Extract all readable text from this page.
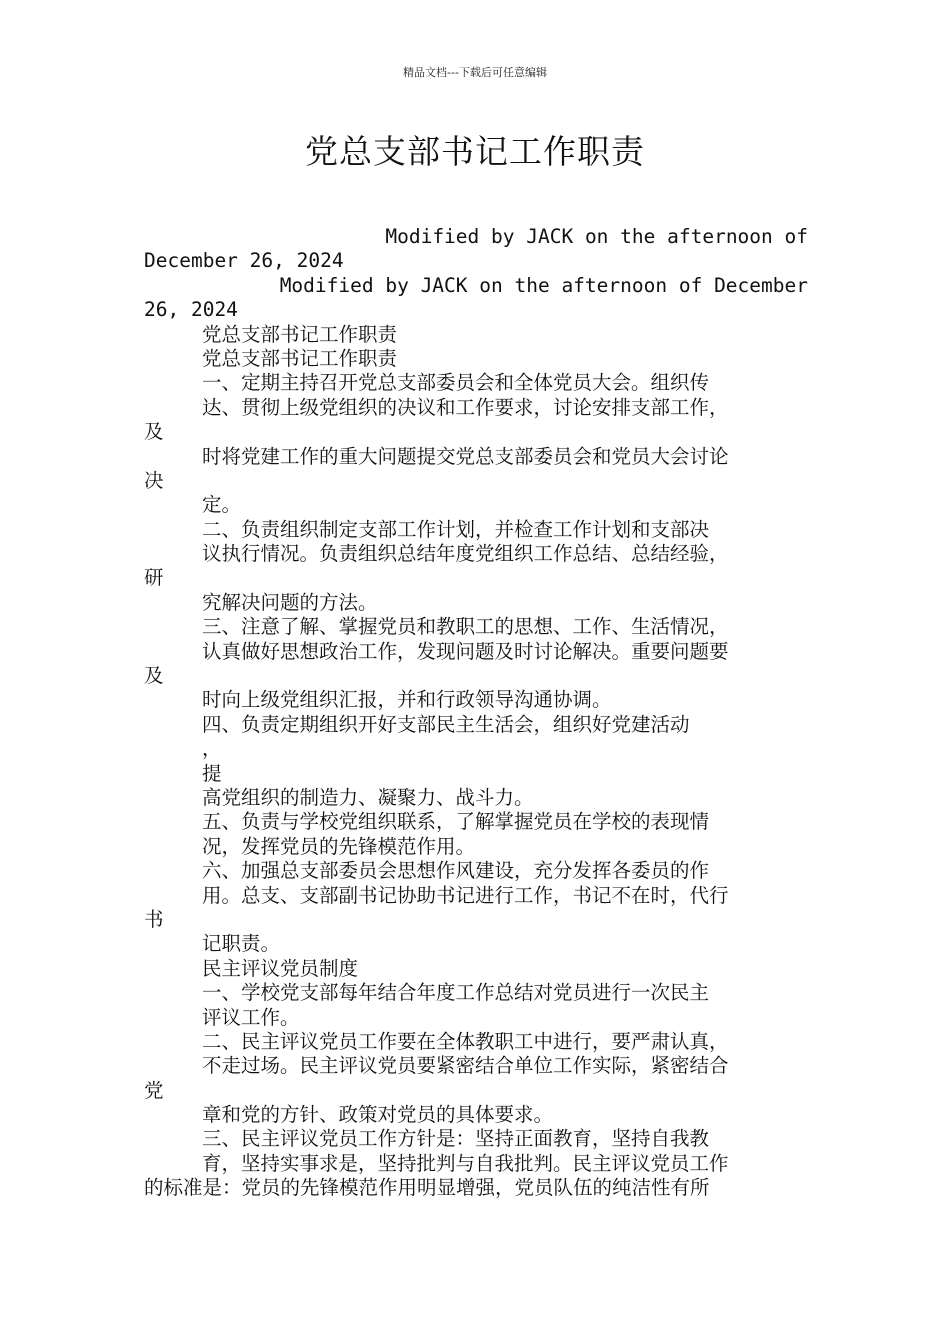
精品文档---下载后可任意编辑
党总支部书记工作职责
Modified by JACK on the afternoon of
December 26, 2024
Modified by JACK on the afternoon of December
26, 2024
党总支部书记工作职责
党总支部书记工作职责
一、定期主持召开党总支部委员会和全体党员大会。组织传
达、贯彻上级党组织的决议和工作要求，讨论安排支部工作，
及
时将党建工作的重大问题提交党总支部委员会和党员大会讨论
决
定。
二、负责组织制定支部工作计划，并检查工作计划和支部决
议执行情况。负责组织总结年度党组织工作总结、总结经验，
研
究解决问题的方法。
三、注意了解、掌握党员和教职工的思想、工作、生活情况，
认真做好思想政治工作，发现问题及时讨论解决。重要问题要
及
时向上级党组织汇报，并和行政领导沟通协调。
四、负责定期组织开好支部民主生活会，组织好党建活动
，
提
高党组织的制造力、凝聚力、战斗力。
五、负责与学校党组织联系，了解掌握党员在学校的表现情
况，发挥党员的先锋模范作用。
六、加强总支部委员会思想作风建设，充分发挥各委员的作
用。总支、支部副书记协助书记进行工作，书记不在时，代行
书
记职责。
民主评议党员制度
一、学校党支部每年结合年度工作总结对党员进行一次民主
评议工作。
二、民主评议党员工作要在全体教职工中进行，要严肃认真，
不走过场。民主评议党员要紧密结合单位工作实际，紧密结合
党
章和党的方针、政策对党员的具体要求。
三、民主评议党员工作方针是：坚持正面教育，坚持自我教
育，坚持实事求是，坚持批判与自我批判。民主评议党员工作
的标准是：党员的先锋模范作用明显增强，党员队伍的纯洁性有所
